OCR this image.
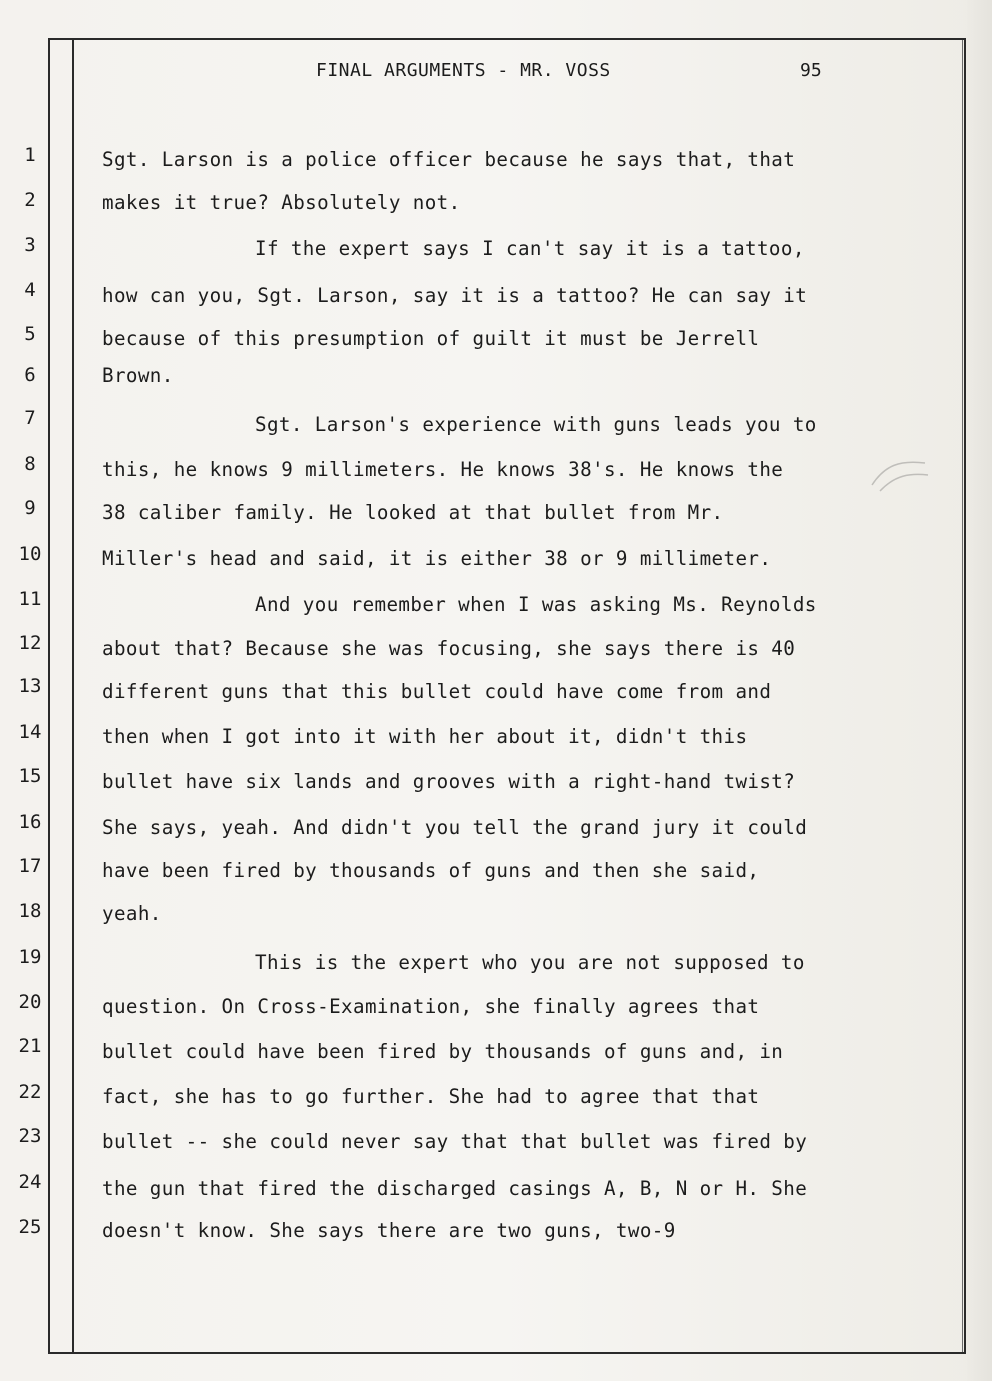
FINAL ARGUMENTS - MR. VOSS	95
1
2
3
4
5
6
7
8
9
10
11
12
13
14
15
16
17
18
19
20
21
22
23
24
25
Sgt. Larson is a police officer because he says that, that
makes it true? Absolutely not.
If the expert says I can't say it is a tattoo,
how can you, Sgt. Larson, say it is a tattoo? He can say it
because of this presumption of guilt it must be Jerrell
Brown.
Sgt. Larson's experience with guns leads you to
this, he knows 9 millimeters. He knows 38's. He knows the
38 caliber family. He looked at that bullet from Mr.
Miller's head and said, it is either 38 or 9 millimeter.
And you remember when I was asking Ms. Reynolds
about that? Because she was focusing, she says there is 40
different guns that this bullet could have come from and
then when I got into it with her about it, didn't this
bullet have six lands and grooves with a right-hand twist?
She says, yeah. And didn't you tell the grand jury it could
have been fired by thousands of guns and then she said,
yeah.
This is the expert who you are not supposed to
question. On Cross-Examination, she finally agrees that
bullet could have been fired by thousands of guns and, in
fact, she has to go further. She had to agree that that
bullet -- she could never say that that bullet was fired by
the gun that fired the discharged casings A, B, N or H. She
doesn't know. She says there are two guns, two-9
